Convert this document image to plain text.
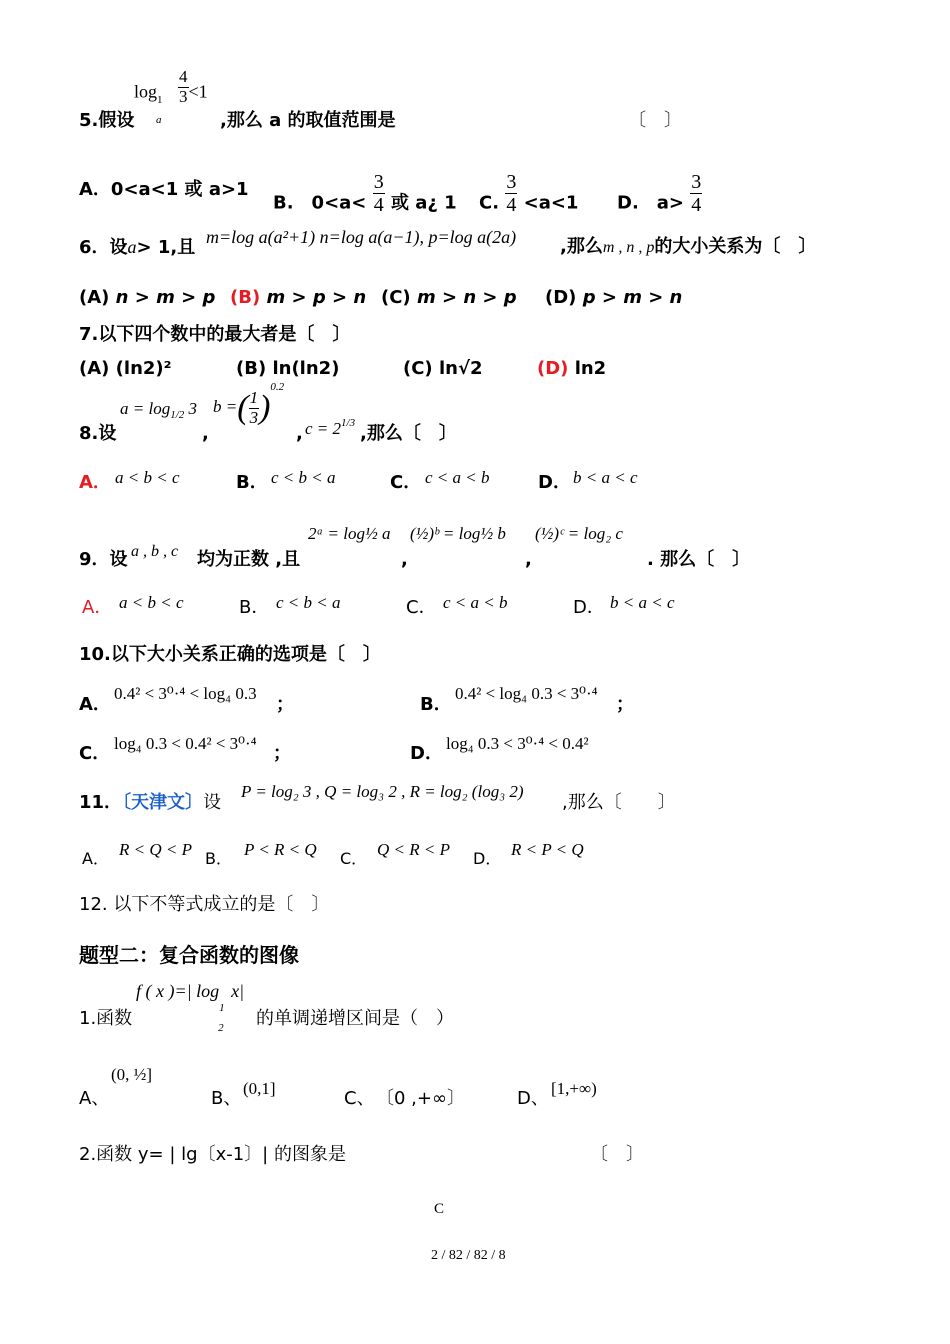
log 1
a

$\frac{4}{3} <1$
5.假设	,那么 a 的取值范围是	〔　〕
A．0<a<1 或 a>1
B.　$0<a< \frac{3}{4}$ 或 a¿ 1 C. $\frac{3}{4} <a<1$ D.　$a> \frac{3}{4}$
6．设a> 1,且 m=log a(a²+1) n=log a(a−1), p=log a(2a) ,那么m , n , p的大小关系为〔　〕
(A) n > m > p (B) m > p > n (C) m > n > p (D) p > m > n
7.以下四个数中的最大者是〔　〕
(A) (ln2)²	(B) ln(ln2)	(C) ln√2	(D) ln2
8.设
$a = \log_{1/2} 3$
,
b =( $\frac{1}{3} )^{0.2}$
, $c = 2^{1/3}$ ,那么〔　〕
A． a < b < c	B． c < b < a	C． c < a < b	D． b < a < c
9．设 a , b , c 均为正数 ,且
2ᵃ = log½ a
,
(½)ᵇ = log½ b
,
(½)ᶜ = log₂ c
. 那么〔　〕
A． a < b < c	B． c < b < a	C． c < a < b	D． b < a < c
10.以下大小关系正确的选项是〔　〕
A．
0.4² < 3⁰·⁴ < log₄ 0.3
；	B．
0.4² < log₄ 0.3 < 3⁰·⁴
；
C． log₄ 0.3 < 0.4² < 3⁰·⁴ ；	D． log₄ 0.3 < 3⁰·⁴ < 0.4²
11．〔天津文〕设
P = log₂ 3 , Q = log₃ 2 , R = log₂ (log₃ 2)
,那么〔　　〕
A． R < Q < P B． P < R < Q C． Q < R < P D． R < P < Q
12. 以下不等式成立的是〔　〕
题型二：复合函数的图像
f ( x )=| log
1
2
x|
1.函数	的单调递增区间是（　）
A、
(0, ½]
B、 (0,1]	C、 〔0 ,+∞〕	D、 [1,+∞)
2.函数 y= | lg〔x-1〕| 的图象是	〔　〕
C
2 / 82 / 82 / 8
